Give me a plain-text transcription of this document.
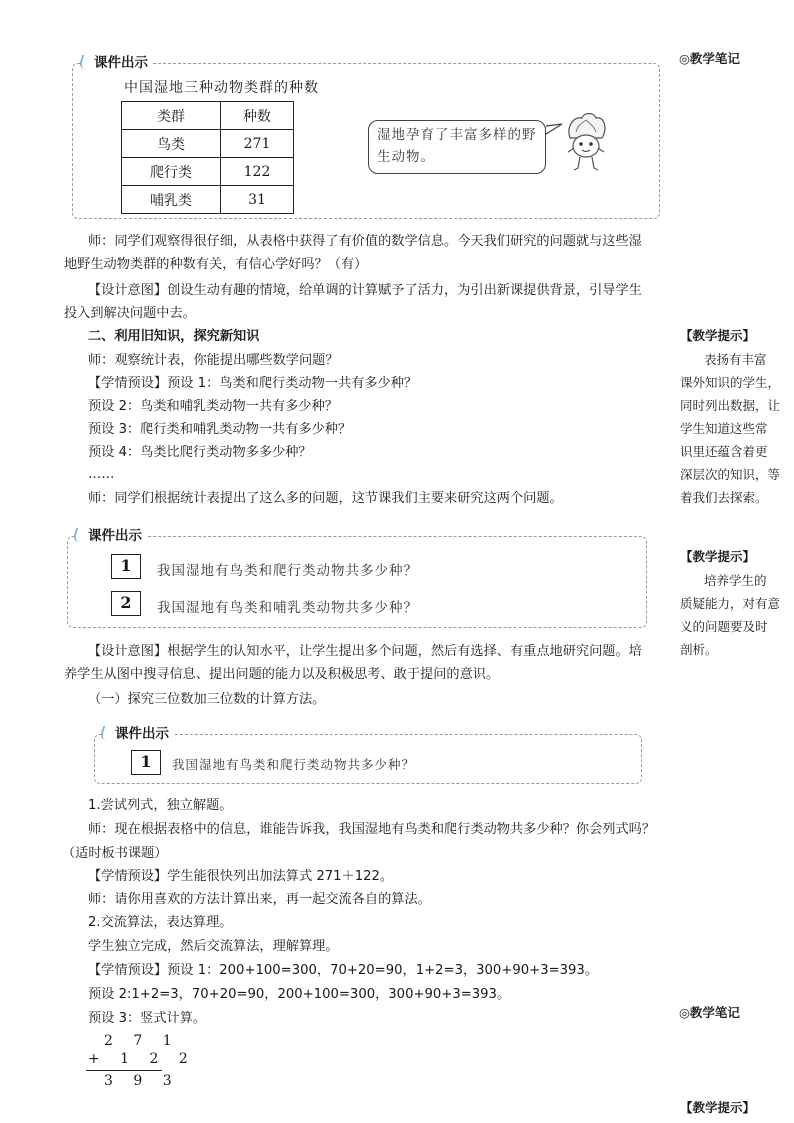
◎教学笔记
【教学提示】
表扬有丰富
课外知识的学生，
同时列出数据，让
学生知道这些常
识里还蕴含着更
深层次的知识，等
着我们去探索。
【教学提示】
培养学生的
质疑能力，对有意
义的问题要及时
剖析。
◎教学笔记
【教学提示】
课件出示
中国湿地三种动物类群的种数
类群	种数
鸟类	271
爬行类	122
哺乳类	31
湿地孕育了丰富多样的野生动物。
师：同学们观察得很仔细，从表格中获得了有价值的数学信息。今天我们研究的问题就与这些湿
地野生动物类群的种数有关，有信心学好吗？（有）
【设计意图】创设生动有趣的情境，给单调的计算赋予了活力，为引出新课提供背景，引导学生
投入到解决问题中去。
二、利用旧知识，探究新知识
师：观察统计表，你能提出哪些数学问题？
【学情预设】预设 1：鸟类和爬行类动物一共有多少种？
预设 2：鸟类和哺乳类动物一共有多少种？
预设 3：爬行类和哺乳类动物一共有多少种？
预设 4：鸟类比爬行类动物多多少种？
……
师：同学们根据统计表提出了这么多的问题，这节课我们主要来研究这两个问题。
课件出示
1	我国湿地有鸟类和爬行类动物共多少种？
2	我国湿地有鸟类和哺乳类动物共多少种？
【设计意图】根据学生的认知水平，让学生提出多个问题，然后有选择、有重点地研究问题。培
养学生从图中搜寻信息、提出问题的能力以及积极思考、敢于提问的意识。
（一）探究三位数加三位数的计算方法。
课件出示
1	我国湿地有鸟类和爬行类动物共多少种？
1.尝试列式，独立解题。
师：现在根据表格中的信息，谁能告诉我，我国湿地有鸟类和爬行类动物共多少种？你会列式吗？
（适时板书课题）
【学情预设】学生能很快列出加法算式 271＋122。
师：请你用喜欢的方法计算出来，再一起交流各自的算法。
2.交流算法，表达算理。
学生独立完成，然后交流算法，理解算理。
【学情预设】预设 1：200+100=300，70+20=90，1+2=3，300+90+3=393。
预设 2:1+2=3，70+20=90，200+100=300，300+90+3=393。
预设 3：竖式计算。
2 7 1
+ 1 2 2
3 9 3
